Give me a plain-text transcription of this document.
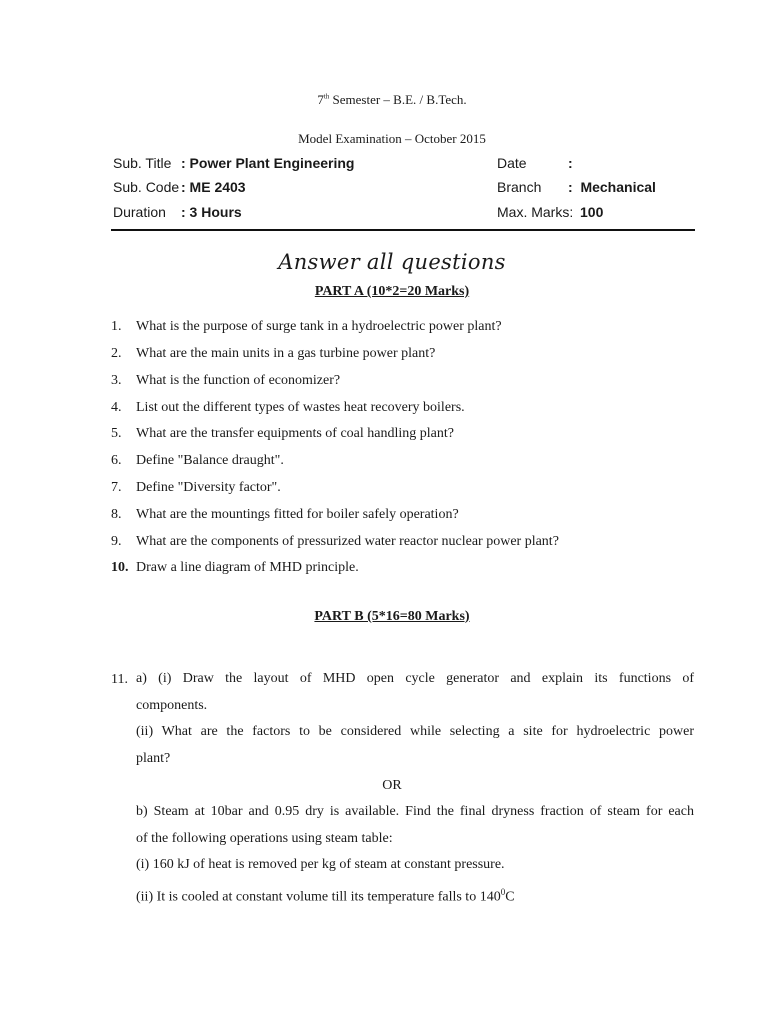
7th Semester – B.E. / B.Tech.
Model Examination – October 2015
Sub. Title : Power Plant Engineering
Sub. Code : ME 2403
Duration : 3 Hours
Date	:
Branch :  Mechanical
Max. Marks: 100
Answer all questions
PART A (10*2=20 Marks)
1. What is the purpose of surge tank in a hydroelectric power plant?
2. What are the main units in a gas turbine power plant?
3. What is the function of economizer?
4. List out the different types of wastes heat recovery boilers.
5. What are the transfer equipments of coal handling plant?
6. Define "Balance draught".
7. Define "Diversity factor".
8. What are the mountings fitted for boiler safely operation?
9. What are the components of pressurized water reactor nuclear power plant?
10. Draw a line diagram of MHD principle.
PART B (5*16=80 Marks)
11. a) (i) Draw the layout of MHD open cycle generator and explain its functions of
components.
(ii) What are the factors to be considered while selecting a site for hydroelectric power
plant?
OR
b) Steam at 10bar and 0.95 dry is available. Find the final dryness fraction of steam for each
of the following operations using steam table:
(i) 160 kJ of heat is removed per kg of steam at constant pressure.
(ii) It is cooled at constant volume till its temperature falls to $140^0C$
